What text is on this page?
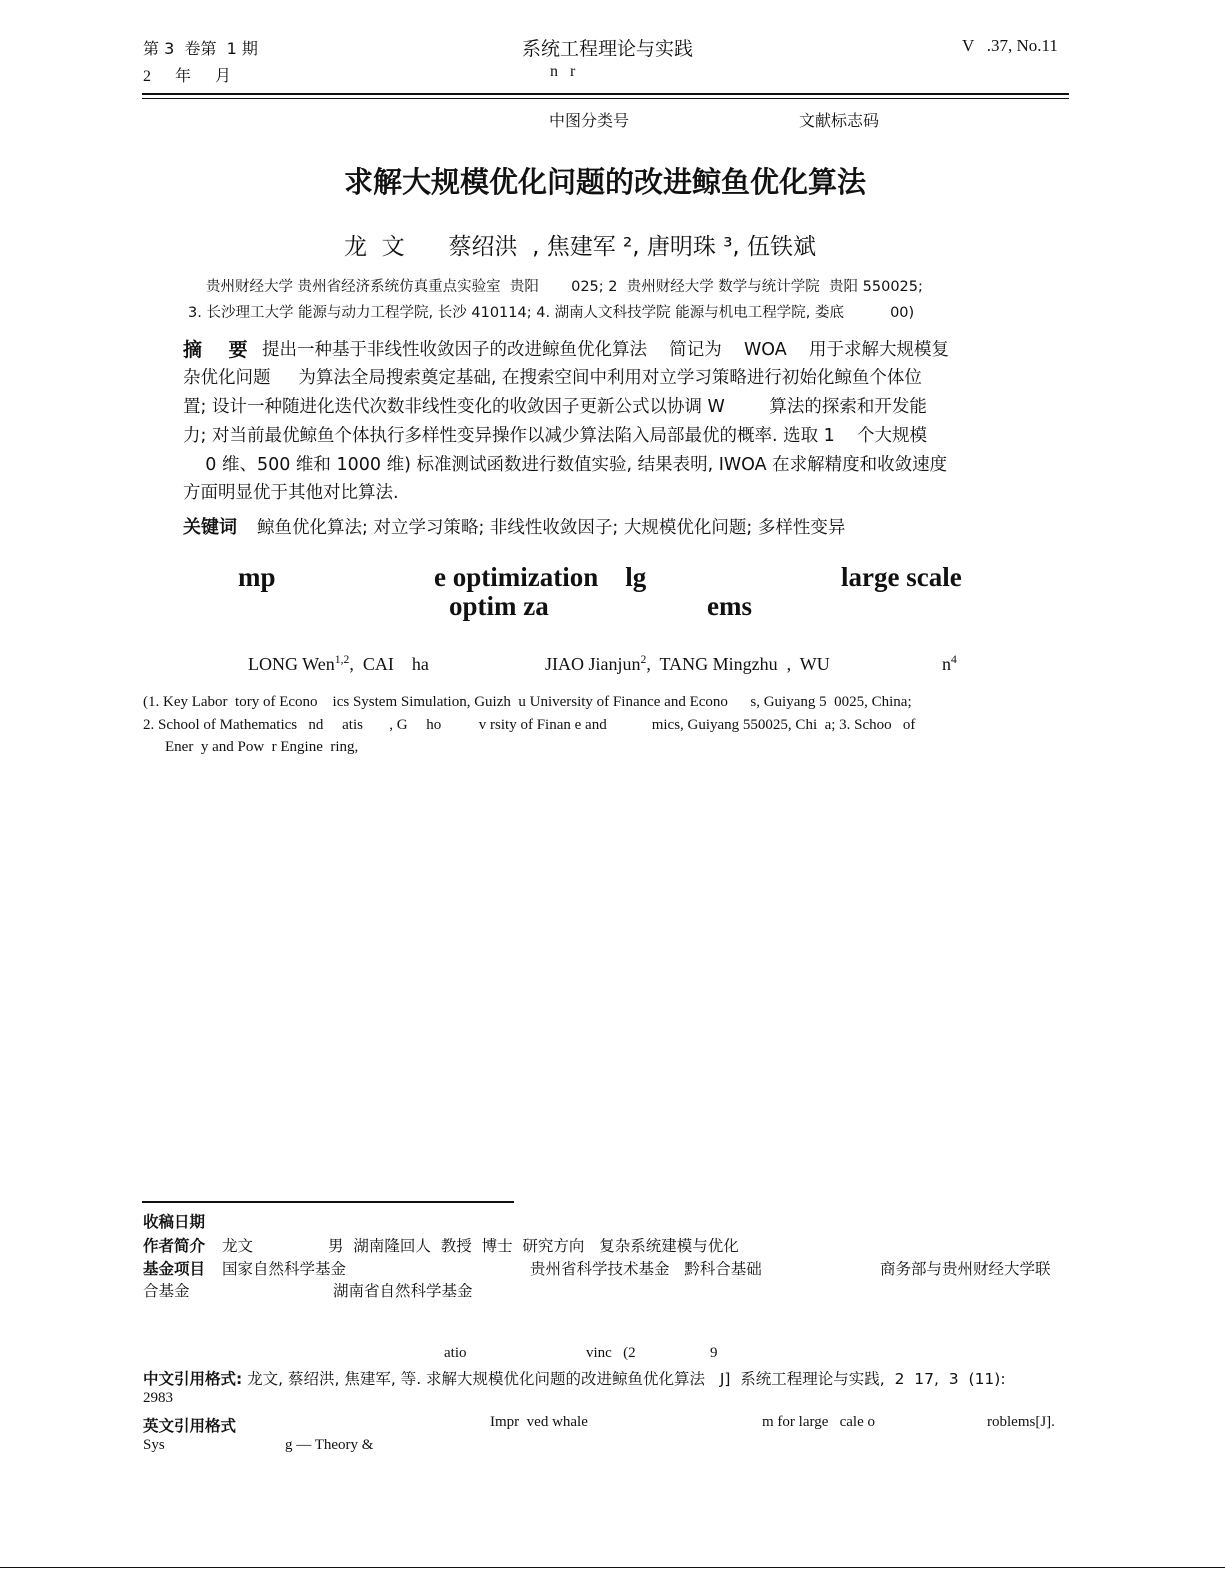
第 3  卷第  1 期
2      年      月
系统工程理论与实践
n   r
V   .37, No.11
中图分类号	文献标志码
求解大规模优化问题的改进鲸鱼优化算法
龙  文      蔡绍洪  , 焦建军 ², 唐明珠 ³, 伍铁斌
贵州财经大学 贵州省经济系统仿真重点实验室  贵阳       025; 2  贵州财经大学 数学与统计学院  贵阳 550025;
3. 长沙理工大学 能源与动力工程学院, 长沙 410114; 4. 湖南人文科技学院 能源与机电工程学院, 娄底          00)
摘    要 提出一种基于非线性收敛因子的改进鲸鱼优化算法    简记为    WOA    用于求解大规模复
杂优化问题     为算法全局搜索奠定基础, 在搜索空间中利用对立学习策略进行初始化鲸鱼个体位
置; 设计一种随进化迭代次数非线性变化的收敛因子更新公式以协调 W        算法的探索和开发能
力; 对当前最优鲸鱼个体执行多样性变异操作以减少算法陷入局部最优的概率. 选取 1    个大规模
0 维、500 维和 1000 维) 标准测试函数进行数值实验, 结果表明, IWOA 在求解精度和收敛速度
方面明显优于其他对比算法.
关键词 鲸鱼优化算法; 对立学习策略; 非线性收敛因子; 大规模优化问题; 多样性变异
mp	e optimization    lg	large scale
optim za	ems
LONG Wen$^{1,2}$,  CAI    ha	JIAO Jianjun$^2$,  TANG Mingzhu  ,  WU	$n^4$
(1. Key Labor  tory of Econo    ics System Simulation, Guizh  u University of Finance and Econo      s, Guiyang 5  0025, China;
2. School of Mathematics   nd     atis       , G     ho          v rsity of Finan e and            mics, Guiyang 550025, Chi  a; 3. Schoo   of
Ener  y and Pow  r Engine  ring,
收稿日期
作者简介 龙文	男  湖南隆回人  教授  博士  研究方向   复杂系统建模与优化
基金项目 国家自然科学基金	贵州省科学技术基金   黔科合基础	商务部与贵州财经大学联
合基金	湖南省自然科学基金
atio	vinc   (2	9
中文引用格式: 龙文, 蔡绍洪, 焦建军, 等. 求解大规模优化问题的改进鲸鱼优化算法   J]  系统工程理论与实践,  2  17,  3  (11):
2983
英文引用格式	Impr  ved whale	m for large   cale o	roblems[J].
Sys	g — Theory &
